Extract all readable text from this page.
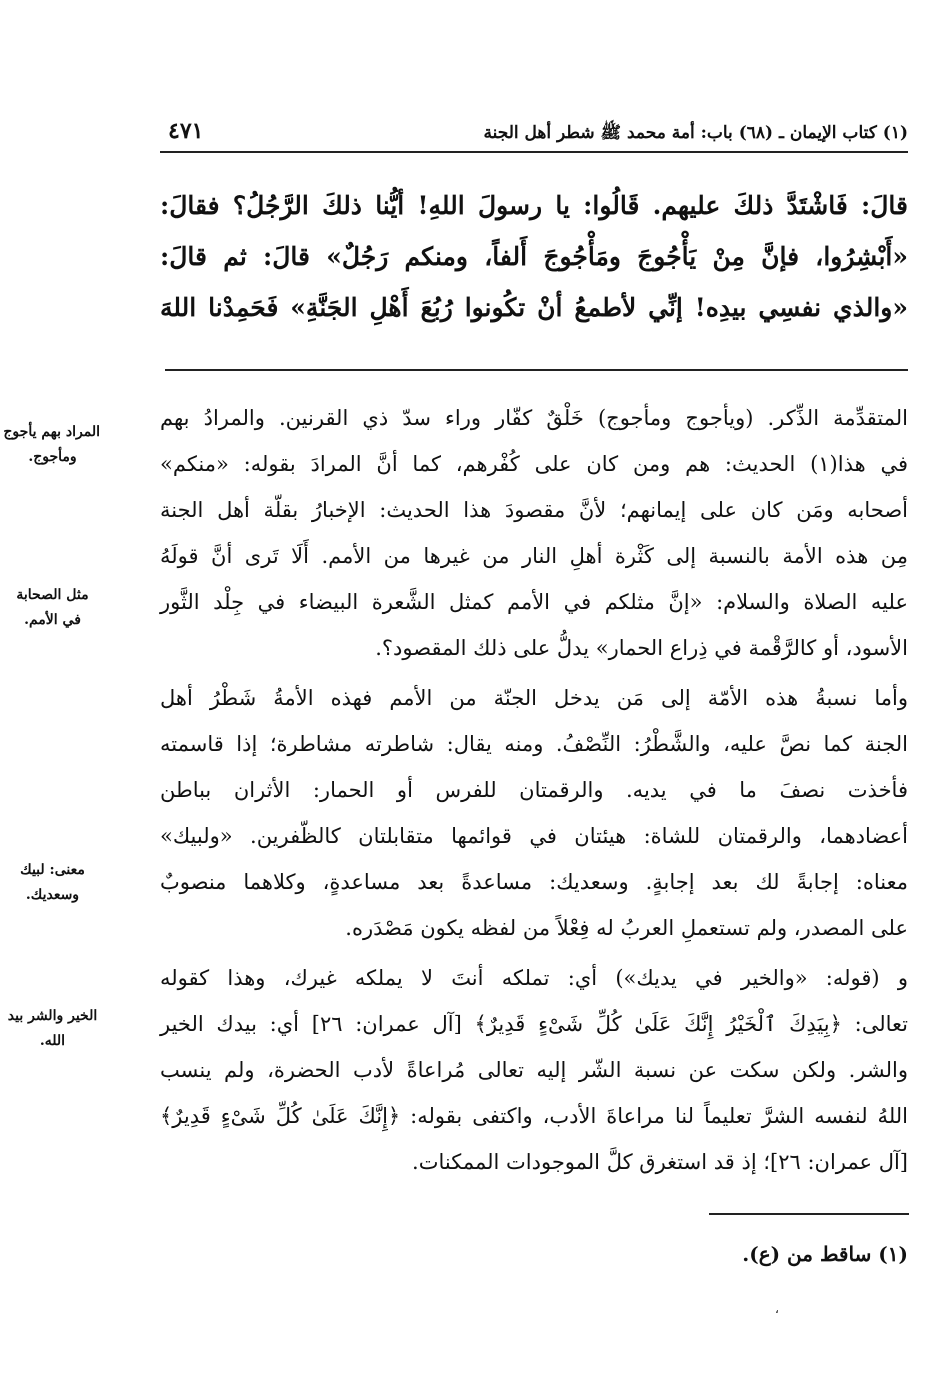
(١) كتاب الإيمان ـ (٦٨) باب: أمة محمد ﷺ شطر أهل الجنة
٤٧١

قالَ: فَاشْتَدَّ ذلكَ عليهم. قَالُوا: يا رسولَ اللهِ! أيُّنا ذلكَ الرَّجُلُ؟ فقالَ:

«أَبْشِرُوا، فإنَّ مِنْ يَأْجُوجَ ومَأْجُوجَ أَلفاً، ومنكم رَجُلٌ» قالَ: ثم قالَ:

«والذي نفسِي بيدِه! إنِّي لأطمعُ أنْ تكُونوا رُبُعَ أَهْلِ الجَنَّةِ» فَحَمِدْنا اللهَ

المتقدِّمة الذِّكر. (ويأجوج ومأجوج) خَلْقٌ كفّار وراء سدّ ذي القرنين. والمرادُ بهم

في هذا(١) الحديث: هم ومن كان على كُفْرهم، كما أنَّ المرادَ بقوله: «منكم»

أصحابه ومَن كان على إيمانهم؛ لأنَّ مقصودَ هذا الحديث: الإخبارُ بقلّة أهل الجنة

مِن هذه الأمة بالنسبة إلى كَثْرة أهلِ النار من غيرها من الأمم. أَلَا تَرى أنَّ قولَهُ

عليه الصلاة والسلام: «إنَّ مثلكم في الأمم كمثل الشَّعرة البيضاء في جِلْد الثَّور

الأسود، أو كالرَّقْمة في ذِراع الحمار» يدلُّ على ذلك المقصود؟.

وأما نسبةُ هذه الأمّة إلى مَن يدخل الجنّة من الأمم فهذه الأمةُ شَطْرُ أهل

الجنة كما نصَّ عليه، والشَّطْرُ: النِّصْفُ. ومنه يقال: شاطرته مشاطرة؛ إذا قاسمته

فأخذت نصفَ ما في يديه. والرقمتان للفرس أو الحمار: الأثران بباطن

أعضادهما، والرقمتان للشاة: هيئتان في قوائمها متقابلتان كالظّفرين. «ولبيك»

معناه: إجابةً لك بعد إجابةٍ. وسعديك: مساعدةً بعد مساعدةٍ، وكلاهما منصوبٌ

على المصدر، ولم تستعملِ العربُ له فِعْلاً من لفظه يكون مَصْدَره.

و (قوله: «والخير في يديك») أي: تملكه أنتَ لا يملكه غيرك، وهذا كقوله

تعالى: ﴿بِيَدِكَ ٱلْخَيْرُ إِنَّكَ عَلَىٰ كُلِّ شَىْءٍ قَدِيرٌ﴾ [آل عمران: ٢٦] أي: بيدك الخير

والشر. ولكن سكت عن نسبة الشّر إليه تعالى مُراعاةً لأدب الحضرة، ولم ينسب

اللهُ لنفسه الشرَّ تعليماً لنا مراعاةَ الأدب، واكتفى بقوله: ﴿إِنَّكَ عَلَىٰ كُلِّ شَىْءٍ قَدِيرٌ﴾

[آل عمران: ٢٦]؛ إذ قد استغرق كلَّ الموجودات الممكنات.

المراد بهم يأجوج
ومأجوج.
مثل الصحابة
في الأمم.
معنى: لبيك
وسعديك.
الخير والشر بيد
الله.
(١) ساقط من (ع).
،
